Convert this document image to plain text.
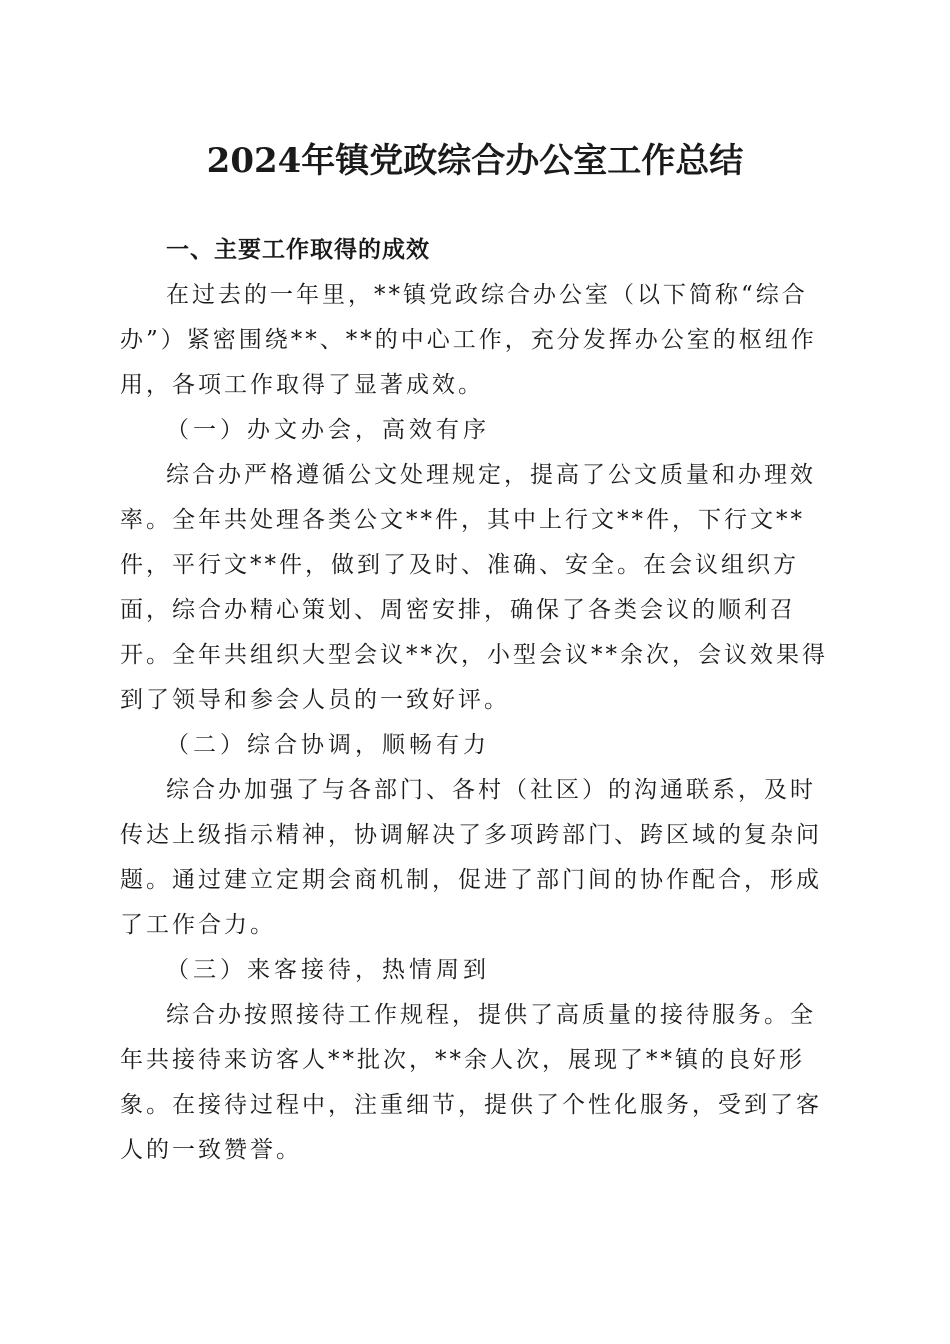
2024年镇党政综合办公室工作总结

一、主要工作取得的成效

在过去的一年里，**镇党政综合办公室（以下简称“综合办”）紧密围绕**、**的中心工作，充分发挥办公室的枢纽作用，各项工作取得了显著成效。

（一）办文办会，高效有序

综合办严格遵循公文处理规定，提高了公文质量和办理效率。全年共处理各类公文**件，其中上行文**件，下行文**件，平行文**件，做到了及时、准确、安全。在会议组织方面，综合办精心策划、周密安排，确保了各类会议的顺利召开。全年共组织大型会议**次，小型会议**余次，会议效果得到了领导和参会人员的一致好评。

（二）综合协调，顺畅有力

综合办加强了与各部门、各村（社区）的沟通联系，及时传达上级指示精神，协调解决了多项跨部门、跨区域的复杂问题。通过建立定期会商机制，促进了部门间的协作配合，形成了工作合力。

（三）来客接待，热情周到

综合办按照接待工作规程，提供了高质量的接待服务。全年共接待来访客人**批次，**余人次，展现了**镇的良好形象。在接待过程中，注重细节，提供了个性化服务，受到了客人的一致赞誉。
